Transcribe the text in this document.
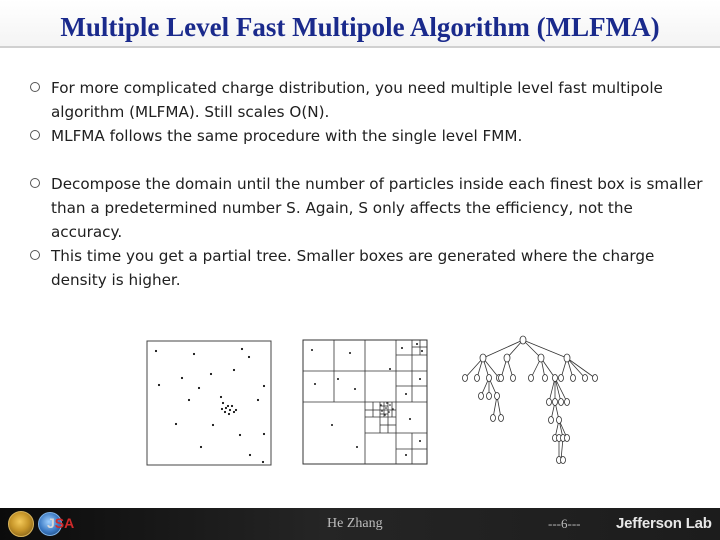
Multiple Level Fast Multipole Algorithm (MLFMA)
For more complicated charge distribution, you need multiple level fast multipole algorithm (MLFMA). Still scales O(N).
MLFMA follows the same procedure with the single level FMM.
Decompose the domain until the number of particles inside each finest box is smaller than a predetermined number S. Again, S only affects the efficiency, not the accuracy.
This time you get a partial tree. Smaller boxes are generated where the charge density is higher.
JSA	He Zhang	---6--- Jefferson Lab
